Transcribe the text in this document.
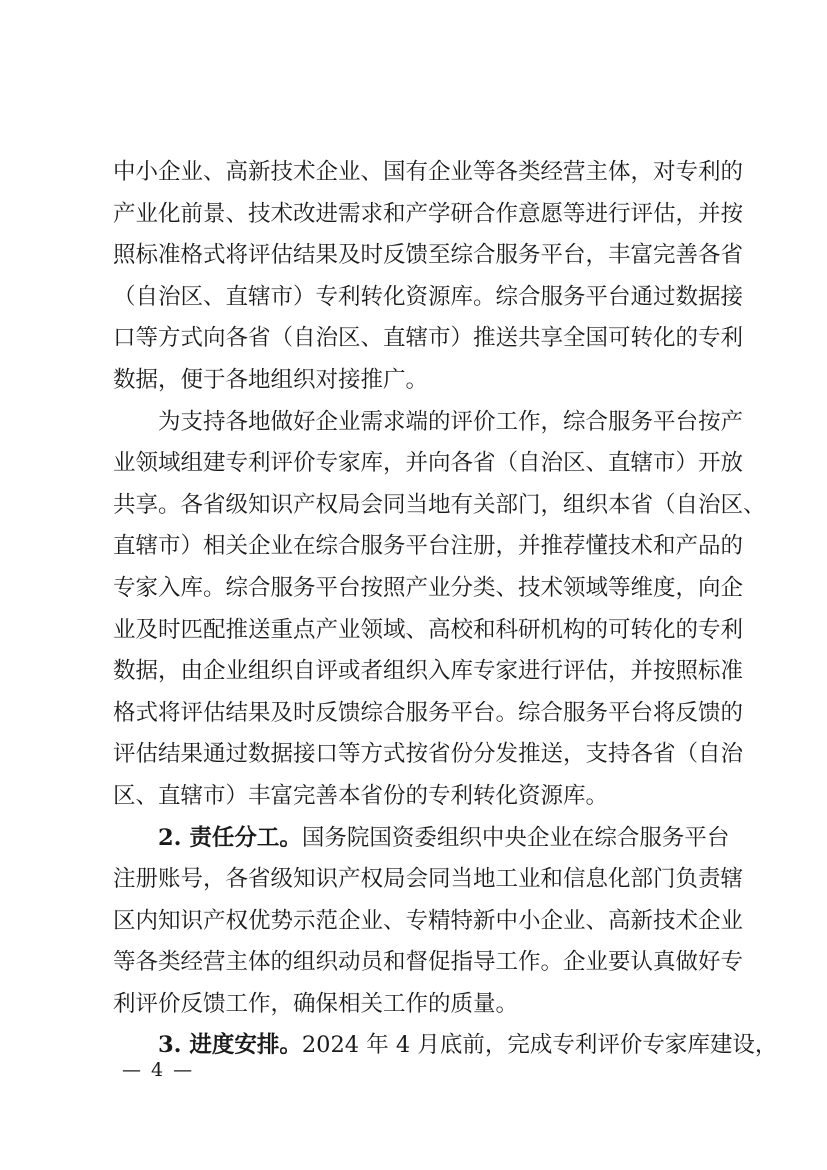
中小企业、高新技术企业、国有企业等各类经营主体，对专利的
产业化前景、技术改进需求和产学研合作意愿等进行评估，并按
照标准格式将评估结果及时反馈至综合服务平台，丰富完善各省
（自治区、直辖市）专利转化资源库。综合服务平台通过数据接
口等方式向各省（自治区、直辖市）推送共享全国可转化的专利
数据，便于各地组织对接推广。
为支持各地做好企业需求端的评价工作，综合服务平台按产
业领域组建专利评价专家库，并向各省（自治区、直辖市）开放
共享。各省级知识产权局会同当地有关部门，组织本省（自治区、
直辖市）相关企业在综合服务平台注册，并推荐懂技术和产品的
专家入库。综合服务平台按照产业分类、技术领域等维度，向企
业及时匹配推送重点产业领域、高校和科研机构的可转化的专利
数据，由企业组织自评或者组织入库专家进行评估，并按照标准
格式将评估结果及时反馈综合服务平台。综合服务平台将反馈的
评估结果通过数据接口等方式按省份分发推送，支持各省（自治
区、直辖市）丰富完善本省份的专利转化资源库。
2. 责任分工。国务院国资委组织中央企业在综合服务平台
注册账号，各省级知识产权局会同当地工业和信息化部门负责辖
区内知识产权优势示范企业、专精特新中小企业、高新技术企业
等各类经营主体的组织动员和督促指导工作。企业要认真做好专
利评价反馈工作，确保相关工作的质量。
3. 进度安排。2024 年 4 月底前，完成专利评价专家库建设，
— 4 —
